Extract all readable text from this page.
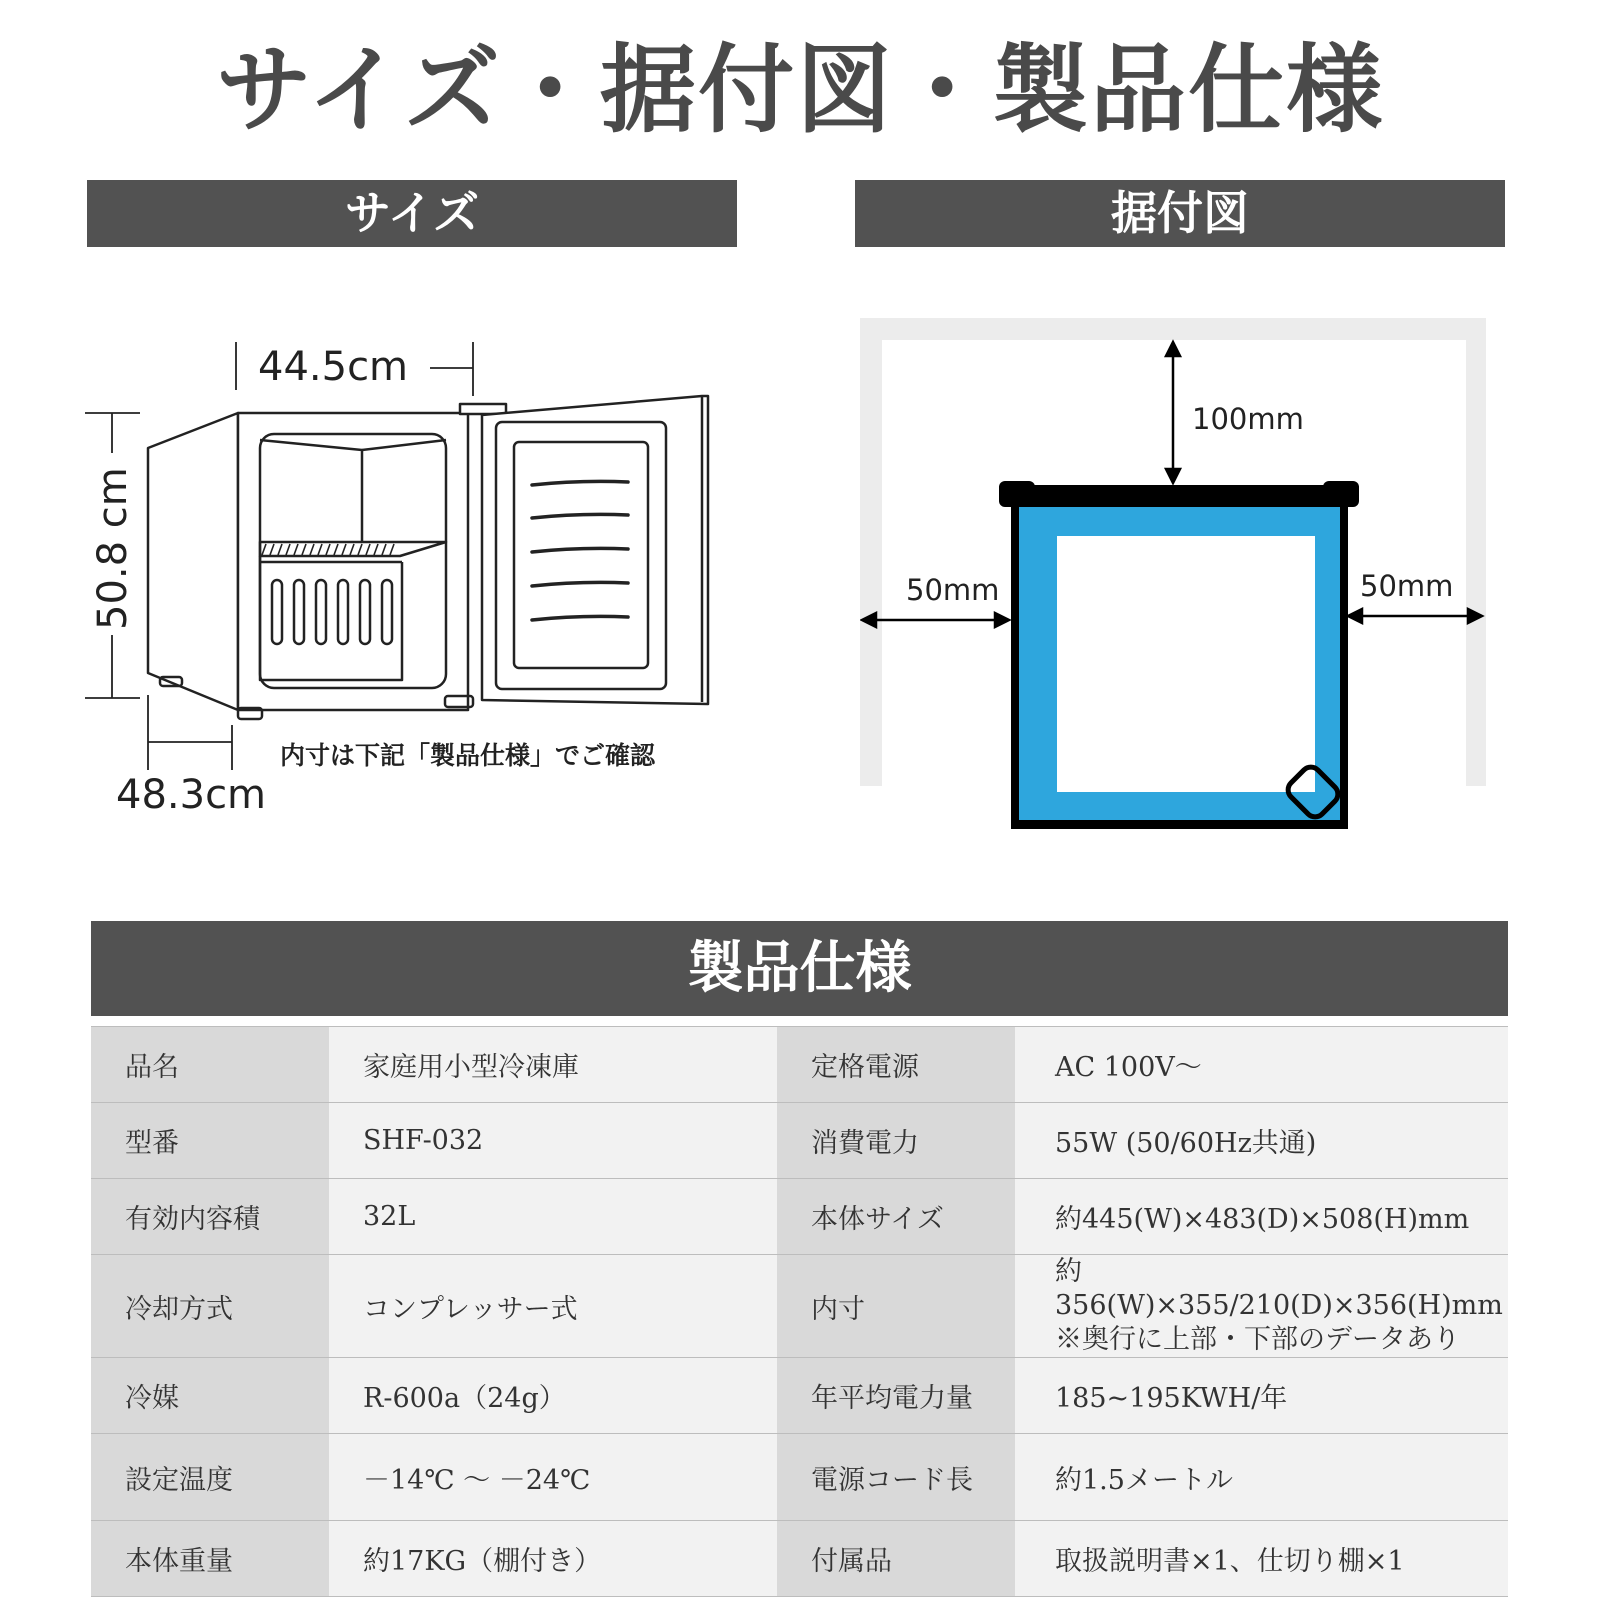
サイズ・据付図・製品仕様
サイズ	据付図
44.5cm
50.8 cm
48.3cm
内寸は下記「製品仕様」でご確認
100mm
50mm	50mm
製品仕様
品名	家庭用小型冷凍庫	定格電源	AC 100V〜
型番	SHF-032	消費電力	55W (50/60Hz共通)
有効内容積	32L	本体サイズ	約445(W)×483(D)×508(H)mm
冷却方式	コンプレッサー式	内寸	約356(W)×355/210(D)×356(H)mm
※奥行に上部・下部のデータあり

冷媒	R-600a（24g）	年平均電力量	185~195KWH/年
設定温度	－14℃ 〜 －24℃	電源コード長	約1.5メートル
本体重量	約17KG（棚付き）	付属品	取扱説明書×1、仕切り棚×1
